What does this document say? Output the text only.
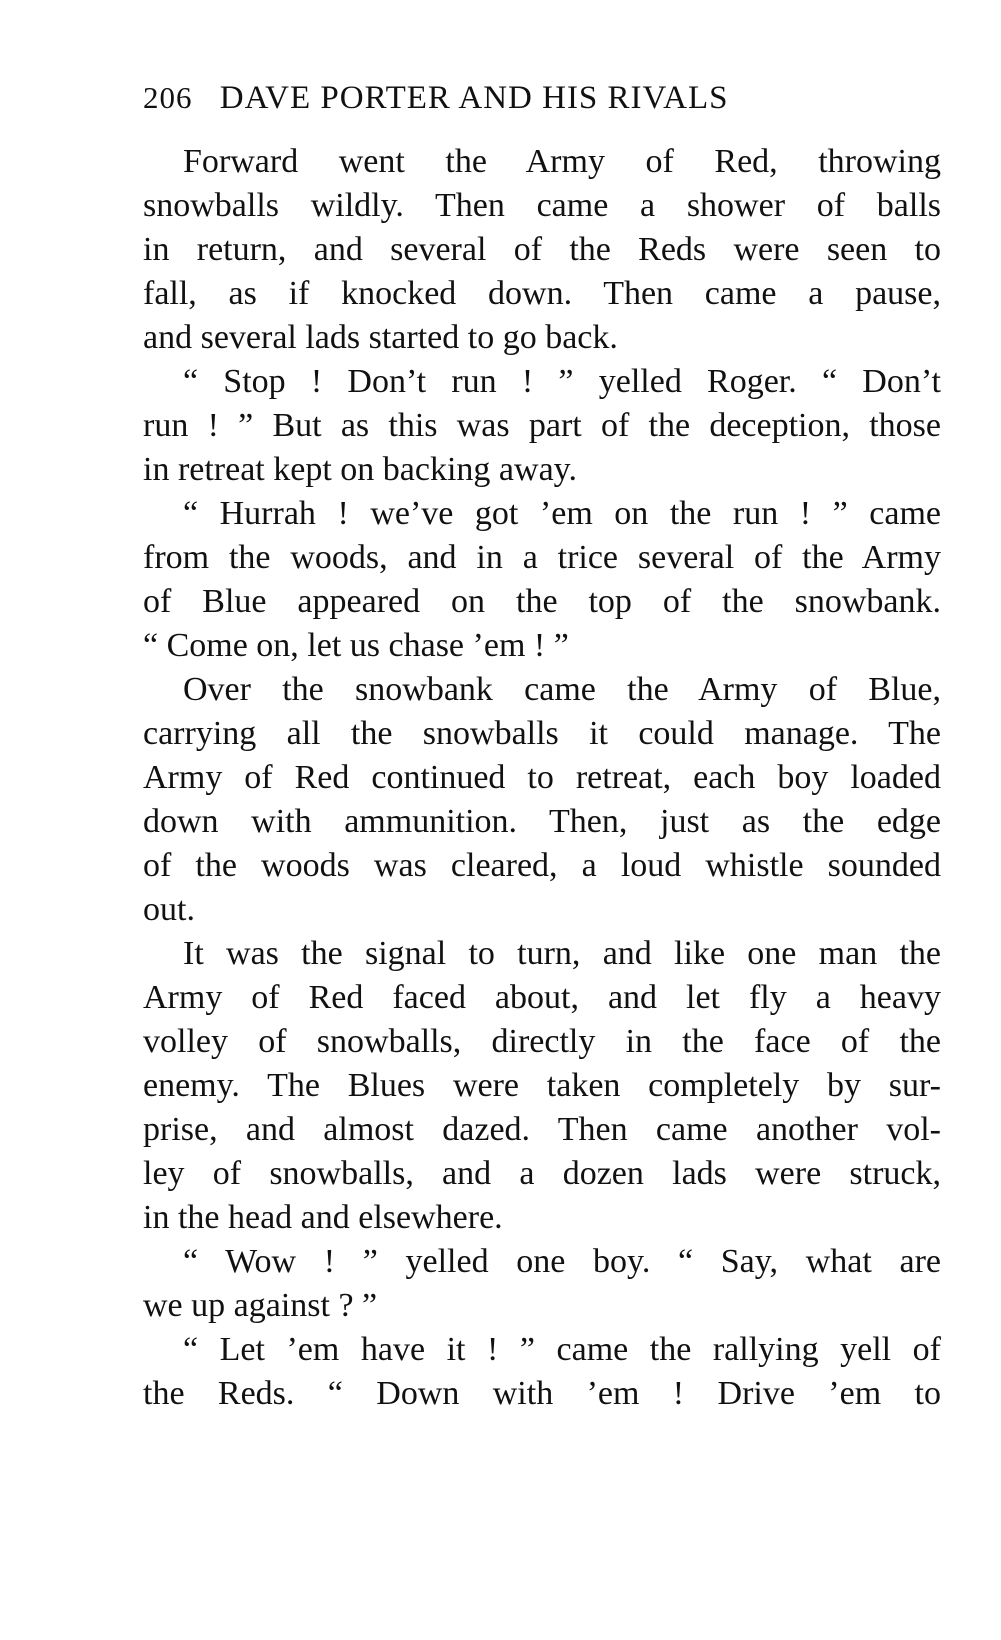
206 DAVE PORTER AND HIS RIVALS
Forward went the Army of Red, throwing
snowballs wildly. Then came a shower of balls
in return, and several of the Reds were seen to
fall, as if knocked down. Then came a pause,
and several lads started to go back.
“ Stop ! Don’t run ! ” yelled Roger. “ Don’t
run ! ” But as this was part of the deception, those
in retreat kept on backing away.
“ Hurrah ! we’ve got ’em on the run ! ” came
from the woods, and in a trice several of the Army
of Blue appeared on the top of the snowbank.
“ Come on, let us chase ’em ! ”
Over the snowbank came the Army of Blue,
carrying all the snowballs it could manage. The
Army of Red continued to retreat, each boy loaded
down with ammunition. Then, just as the edge
of the woods was cleared, a loud whistle sounded
out.
It was the signal to turn, and like one man the
Army of Red faced about, and let fly a heavy
volley of snowballs, directly in the face of the
enemy. The Blues were taken completely by sur-
prise, and almost dazed. Then came another vol-
ley of snowballs, and a dozen lads were struck,
in the head and elsewhere.
“ Wow ! ” yelled one boy. “ Say, what are
we up against ? ”
“ Let ’em have it ! ” came the rallying yell of
the Reds. “ Down with ’em ! Drive ’em to
